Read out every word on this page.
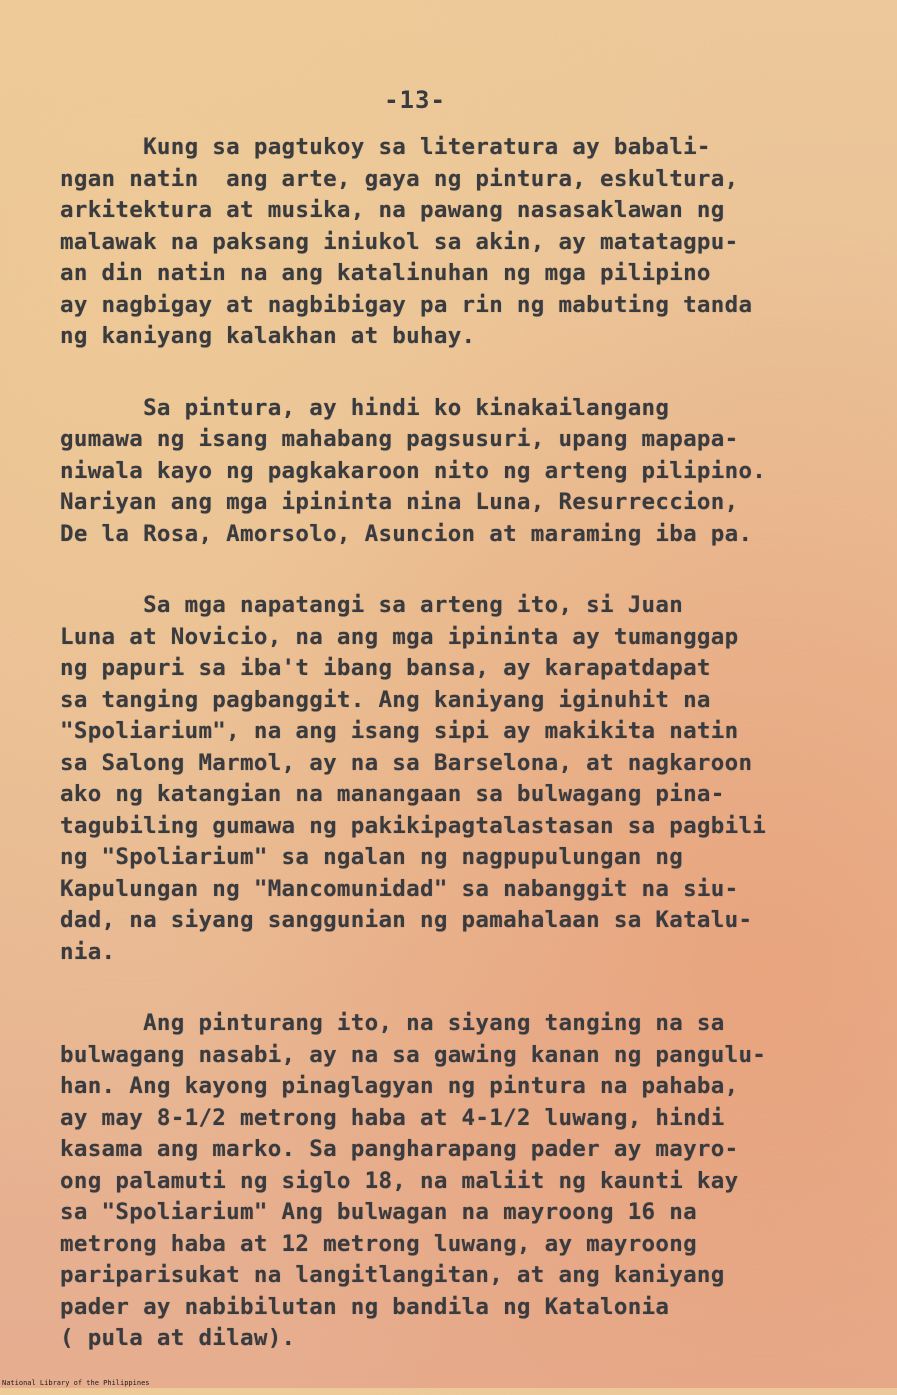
-13-
Kung sa pagtukoy sa literatura ay babali-
ngan natin  ang arte, gaya ng pintura, eskultura,
arkitektura at musika, na pawang nasasaklawan ng
malawak na paksang iniukol sa akin, ay matatagpu-
an din natin na ang katalinuhan ng mga pilipino
ay nagbigay at nagbibigay pa rin ng mabuting tanda
ng kaniyang kalakhan at buhay.
Sa pintura, ay hindi ko kinakailangang
gumawa ng isang mahabang pagsusuri, upang mapapa-
niwala kayo ng pagkakaroon nito ng arteng pilipino.
Nariyan ang mga ipininta nina Luna, Resurreccion,
De la Rosa, Amorsolo, Asuncion at maraming iba pa.
Sa mga napatangi sa arteng ito, si Juan
Luna at Novicio, na ang mga ipininta ay tumanggap
ng papuri sa iba't ibang bansa, ay karapatdapat
sa tanging pagbanggit. Ang kaniyang iginuhit na
"Spoliarium", na ang isang sipi ay makikita natin
sa Salong Marmol, ay na sa Barselona, at nagkaroon
ako ng katangian na manangaan sa bulwagang pina-
tagubiling gumawa ng pakikipagtalastasan sa pagbili
ng "Spoliarium" sa ngalan ng nagpupulungan ng
Kapulungan ng "Mancomunidad" sa nabanggit na siu-
dad, na siyang sanggunian ng pamahalaan sa Katalu-
nia.
Ang pinturang ito, na siyang tanging na sa
bulwagang nasabi, ay na sa gawing kanan ng pangulu-
han. Ang kayong pinaglagyan ng pintura na pahaba,
ay may 8-1/2 metrong haba at 4-1/2 luwang, hindi
kasama ang marko. Sa pangharapang pader ay mayro-
ong palamuti ng siglo 18, na maliit ng kaunti kay
sa "Spoliarium" Ang bulwagan na mayroong 16 na
metrong haba at 12 metrong luwang, ay mayroong
pariparisukat na langitlangitan, at ang kaniyang
pader ay nabibilutan ng bandila ng Katalonia
( pula at dilaw).
National Library of the Philippines
